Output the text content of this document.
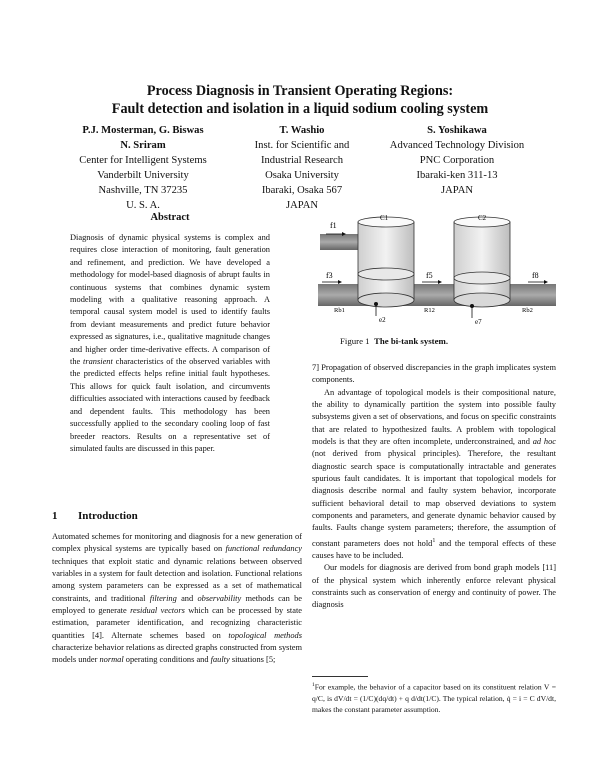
Process Diagnosis in Transient Operating Regions:
Fault detection and isolation in a liquid sodium cooling system
P.J. Mosterman, G. Biswas
N. Sriram
Center for Intelligent Systems
Vanderbilt University
Nashville, TN 37235
U. S. A.
T. Washio
Inst. for Scientific and
Industrial Research
Osaka University
Ibaraki, Osaka 567
JAPAN
S. Yoshikawa
Advanced Technology Division
PNC Corporation
Ibaraki-ken 311-13
JAPAN
Abstract
Diagnosis of dynamic physical systems is complex and requires close interaction of monitoring, fault generation and refinement, and prediction. We have developed a methodology for model-based diagnosis of abrupt faults in continuous systems that combines dynamic system modeling with a qualitative reasoning approach. A temporal causal system model is used to identify faults from deviant measurements and predict future behavior expressed as signatures, i.e., qualitative magnitude changes and higher order time-derivative effects. A comparison of the transient characteristics of the observed variables with the predicted effects helps refine initial fault hypotheses. This allows for quick fault isolation, and circumvents difficulties associated with interactions caused by feedback and dependent faults. This methodology has been successfully applied to the secondary cooling loop of fast breeder reactors. Results on a representative set of simulated faults are discussed in this paper.
1 Introduction
Automated schemes for monitoring and diagnosis for a new generation of complex physical systems are typically based on functional redundancy techniques that exploit static and dynamic relations between observed variables in a system for fault detection and isolation. Functional relations among system parameters can be expressed as a set of mathematical constraints, and traditional filtering and observability methods can be employed to generate residual vectors which can be processed by state estimation, parameter identification, and recognizing characteristic quantities [4]. Alternate schemes based on topological methods characterize behavior relations as directed graphs constructed from system models under normal operating conditions and faulty situations [5;
C1	C2
f1
f3	f5	f8
Rb1	R12	Rb2
e2	e7
Figure 1 The bi-tank system.

7] Propagation of observed discrepancies in the graph implicates system components.

An advantage of topological models is their compositional nature, the ability to dynamically partition the system into possible faulty subsystems given a set of observations, and focus on specific constraints that are related to hypothesized faults. A problem with topological models is that they are often incomplete, underconstrained, and ad hoc (not derived from physical principles). Therefore, the resultant diagnostic search space is computationally intractable and generates spurious fault candidates. It is important that topological models for diagnosis describe normal and faulty system behavior, incorporate sufficient behavioral detail to map observed deviations to system components and parameters, and generate dynamic behavior caused by faults. Faults change system parameters; therefore, the assumption of constant parameters does not hold$^1$ and the temporal effects of these causes have to be included.

Our models for diagnosis are derived from bond graph models [11] of the physical system which inherently enforce relevant physical constraints such as conservation of energy and continuity of power. The diagnosis

$^1$For example, the behavior of a capacitor based on its constituent relation V = q/C, is dV/dt = (1/C)(dq/dt) + q d/dt(1/C). The typical relation, q̇ = i = C dV/dt, makes the constant parameter assumption.
